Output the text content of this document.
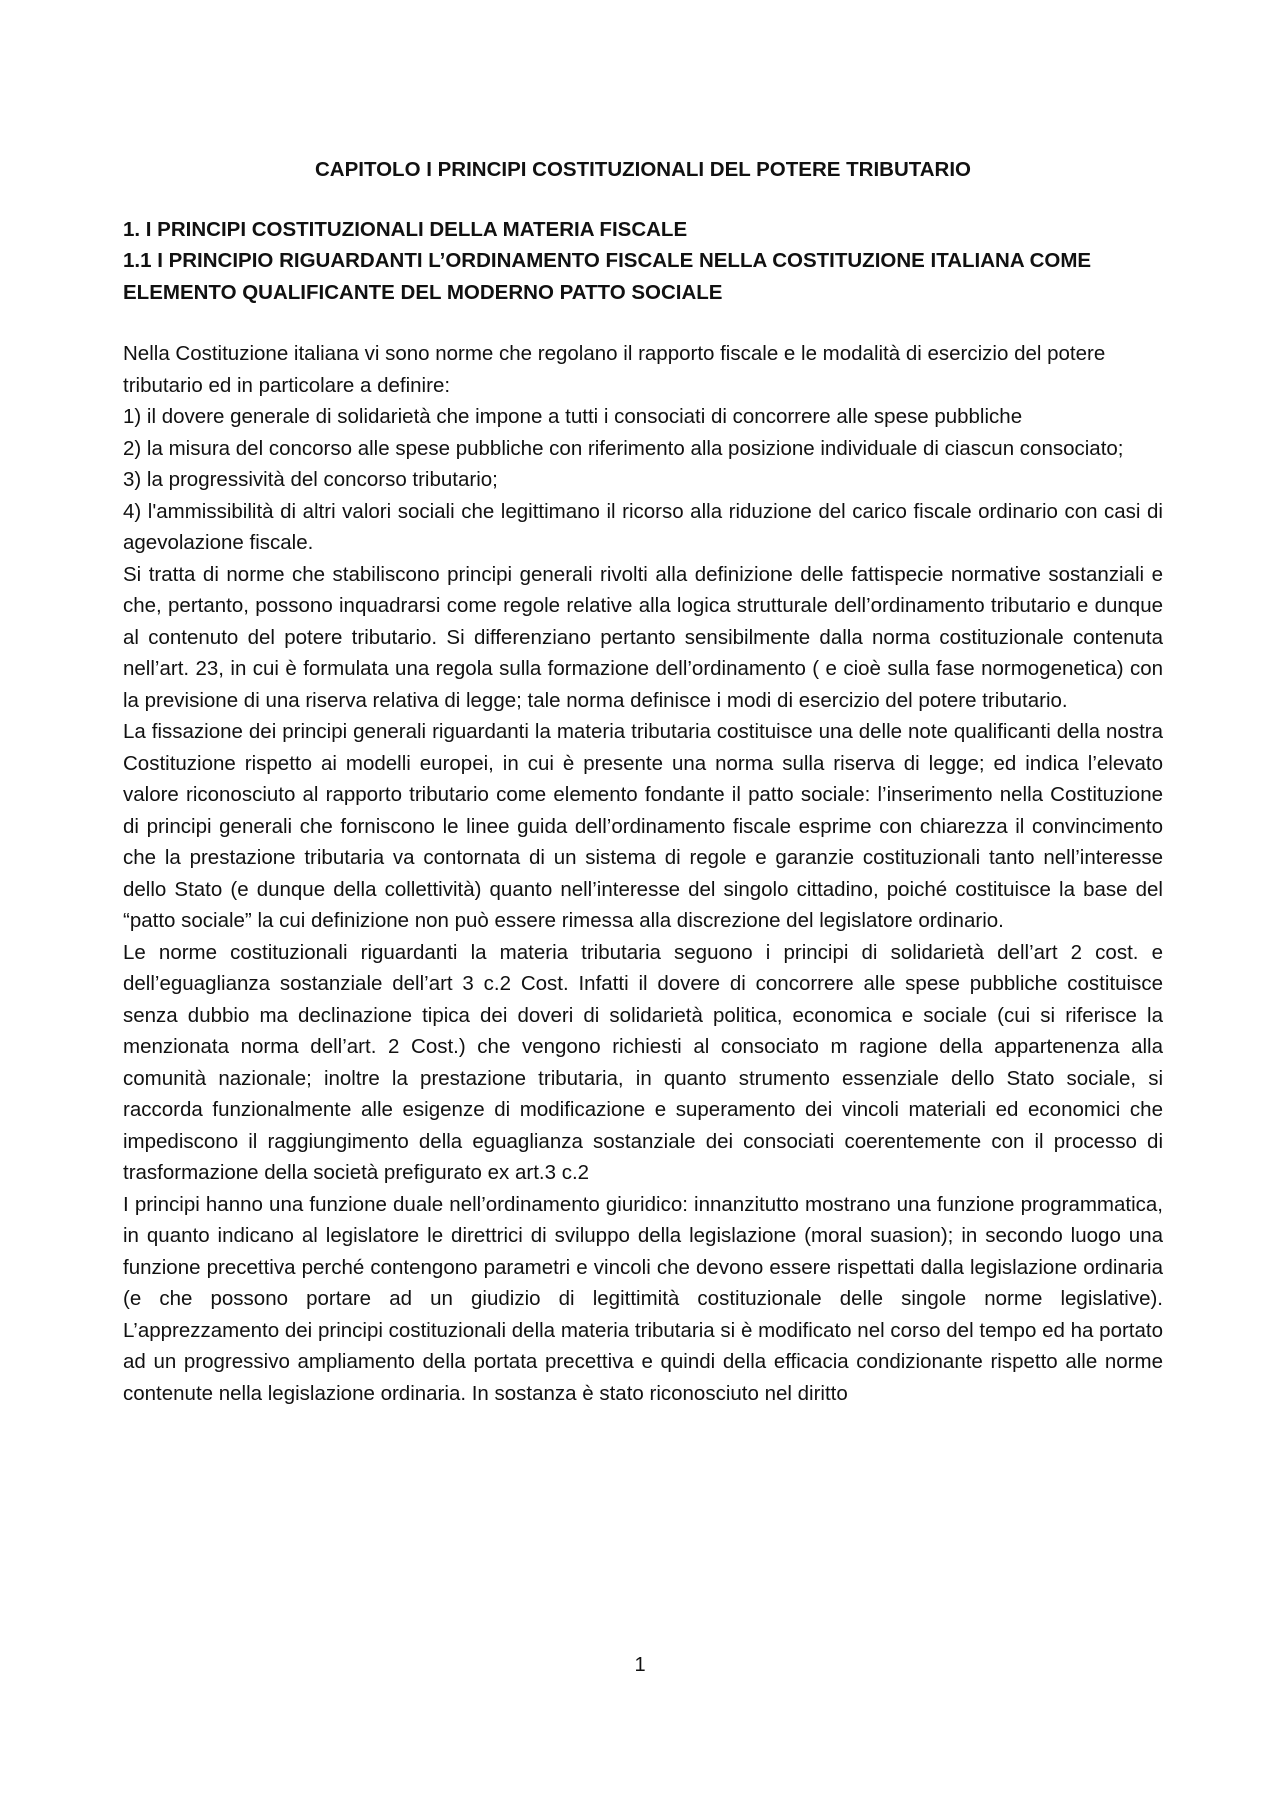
CAPITOLO I PRINCIPI COSTITUZIONALI DEL POTERE TRIBUTARIO

1. I PRINCIPI COSTITUZIONALI DELLA MATERIA FISCALE

1.1 I PRINCIPIO RIGUARDANTI L’ORDINAMENTO FISCALE NELLA COSTITUZIONE ITALIANA COME ELEMENTO QUALIFICANTE DEL MODERNO PATTO SOCIALE

Nella Costituzione italiana vi sono norme che regolano il rapporto fiscale e le modalità di esercizio del potere tributario ed in particolare a definire:

1) il dovere generale di solidarietà che impone a tutti i consociati di concorrere alle spese pubbliche

2) la misura del concorso alle spese pubbliche con riferimento alla posizione individuale di ciascun consociato;

3) la progressività del concorso tributario;

4) l'ammissibilità di altri valori sociali che legittimano il ricorso alla riduzione del carico fiscale ordinario con casi di agevolazione fiscale.

Si tratta di norme che stabiliscono principi generali rivolti alla definizione delle fattispecie normative sostanziali e che, pertanto, possono inquadrarsi come regole relative alla logica strutturale dell’ordinamento tributario e dunque al contenuto del potere tributario. Si differenziano pertanto sensibilmente dalla norma costituzionale contenuta nell’art. 23, in cui è formulata una regola sulla formazione dell’ordinamento ( e cioè sulla fase normogenetica) con la previsione di una riserva relativa di legge; tale norma definisce i modi di esercizio del potere tributario.

La fissazione dei principi generali riguardanti la materia tributaria costituisce una delle note qualificanti della nostra Costituzione rispetto ai modelli europei, in cui è presente una norma sulla riserva di legge; ed indica l’elevato valore riconosciuto al rapporto tributario come elemento fondante il patto sociale: l’inserimento nella Costituzione di principi generali che forniscono le linee guida dell’ordinamento fiscale esprime con chiarezza il convincimento che la prestazione tributaria va contornata di un sistema di regole e garanzie costituzionali tanto nell’interesse dello Stato (e dunque della collettività) quanto nell’interesse del singolo cittadino, poiché costituisce la base del “patto sociale” la cui definizione non può essere rimessa alla discrezione del legislatore ordinario.

Le norme costituzionali riguardanti la materia tributaria seguono i principi di solidarietà dell’art 2 cost. e dell’eguaglianza sostanziale dell’art 3 c.2 Cost. Infatti il dovere di concorrere alle spese pubbliche costituisce senza dubbio ma declinazione tipica dei doveri di solidarietà politica, economica e sociale (cui si riferisce la menzionata norma dell’art. 2 Cost.) che vengono richiesti al consociato m ragione della appartenenza alla comunità nazionale; inoltre la prestazione tributaria, in quanto strumento essenziale dello Stato sociale, si raccorda funzionalmente alle esigenze di modificazione e superamento dei vincoli materiali ed economici che impediscono il raggiungimento della eguaglianza sostanziale dei consociati coerentemente con il processo di trasformazione della società prefigurato ex art.3 c.2

I principi hanno una funzione duale nell’ordinamento giuridico: innanzitutto mostrano una funzione programmatica, in quanto indicano al legislatore le direttrici di sviluppo della legislazione (moral suasion); in secondo luogo una funzione precettiva perché contengono parametri e vincoli che devono essere rispettati dalla legislazione ordinaria (e che possono portare ad un giudizio di legittimità costituzionale delle singole norme legislative). L’apprezzamento dei principi costituzionali della materia tributaria si è modificato nel corso del tempo ed ha portato ad un progressivo ampliamento della portata precettiva e quindi della efficacia condizionante rispetto alle norme contenute nella legislazione ordinaria. In sostanza è stato riconosciuto nel diritto

1
